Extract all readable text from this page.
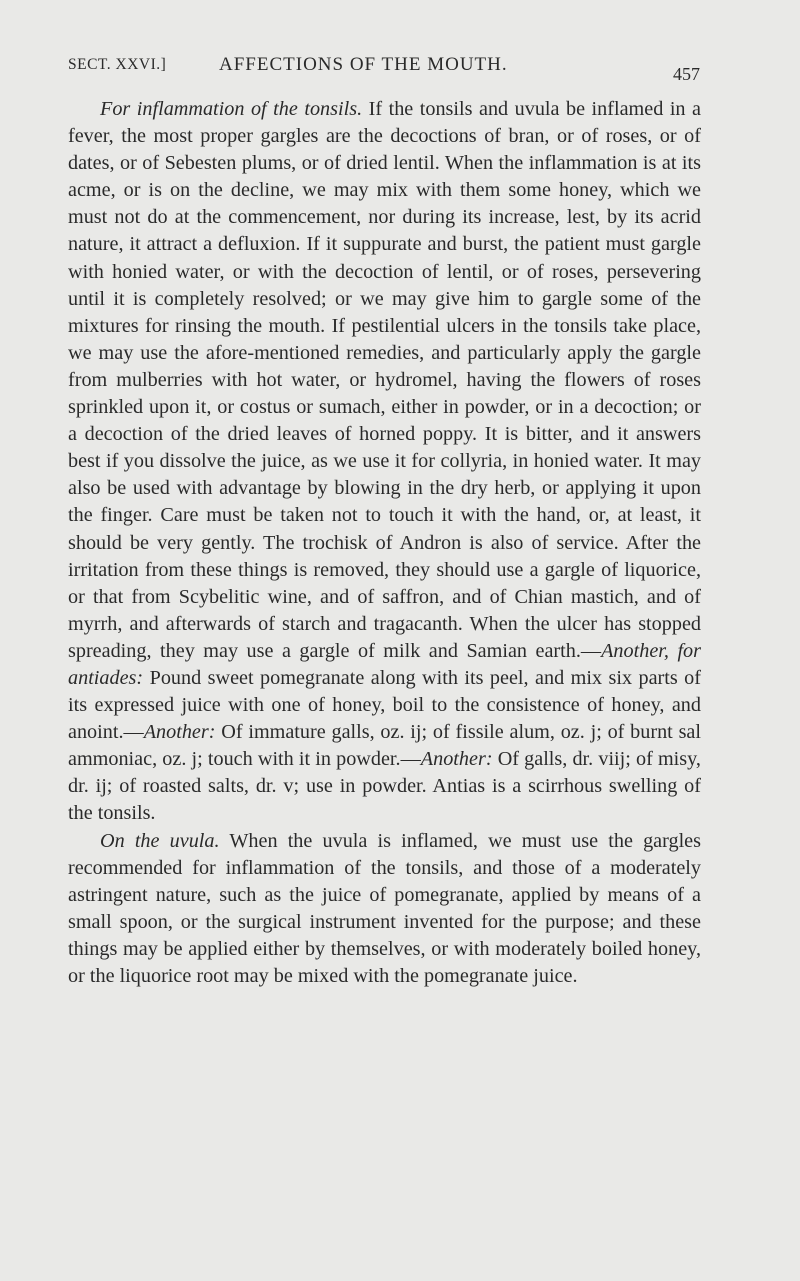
SECT. XXVI.]	AFFECTIONS OF THE MOUTH.	457

For inflammation of the tonsils. If the tonsils and uvula be inflamed in a fever, the most proper gargles are the decoctions of bran, or of roses, or of dates, or of Sebesten plums, or of dried lentil. When the inflammation is at its acme, or is on the decline, we may mix with them some honey, which we must not do at the commencement, nor during its increase, lest, by its acrid nature, it attract a defluxion. If it suppurate and burst, the patient must gargle with honied water, or with the decoction of lentil, or of roses, persevering until it is completely resolved; or we may give him to gargle some of the mixtures for rinsing the mouth. If pestilential ulcers in the tonsils take place, we may use the afore-mentioned remedies, and particularly apply the gargle from mulberries with hot water, or hydromel, having the flowers of roses sprinkled upon it, or costus or sumach, either in powder, or in a decoction; or a decoction of the dried leaves of horned poppy. It is bitter, and it answers best if you dissolve the juice, as we use it for collyria, in honied water. It may also be used with advantage by blowing in the dry herb, or applying it upon the finger. Care must be taken not to touch it with the hand, or, at least, it should be very gently. The trochisk of Andron is also of service. After the irritation from these things is removed, they should use a gargle of liquorice, or that from Scybelitic wine, and of saffron, and of Chian mastich, and of myrrh, and afterwards of starch and tragacanth. When the ulcer has stopped spreading, they may use a gargle of milk and Samian earth.—Another, for antiades: Pound sweet pomegranate along with its peel, and mix six parts of its expressed juice with one of honey, boil to the consistence of honey, and anoint.—Another: Of immature galls, oz. ij; of fissile alum, oz. j; of burnt sal ammoniac, oz. j; touch with it in powder.—Another: Of galls, dr. viij; of misy, dr. ij; of roasted salts, dr. v; use in powder. Antias is a scirrhous swelling of the tonsils.

On the uvula. When the uvula is inflamed, we must use the gargles recommended for inflammation of the tonsils, and those of a moderately astringent nature, such as the juice of pomegranate, applied by means of a small spoon, or the surgical instrument invented for the purpose; and these things may be applied either by themselves, or with moderately boiled honey, or the liquorice root may be mixed with the pomegranate juice.
